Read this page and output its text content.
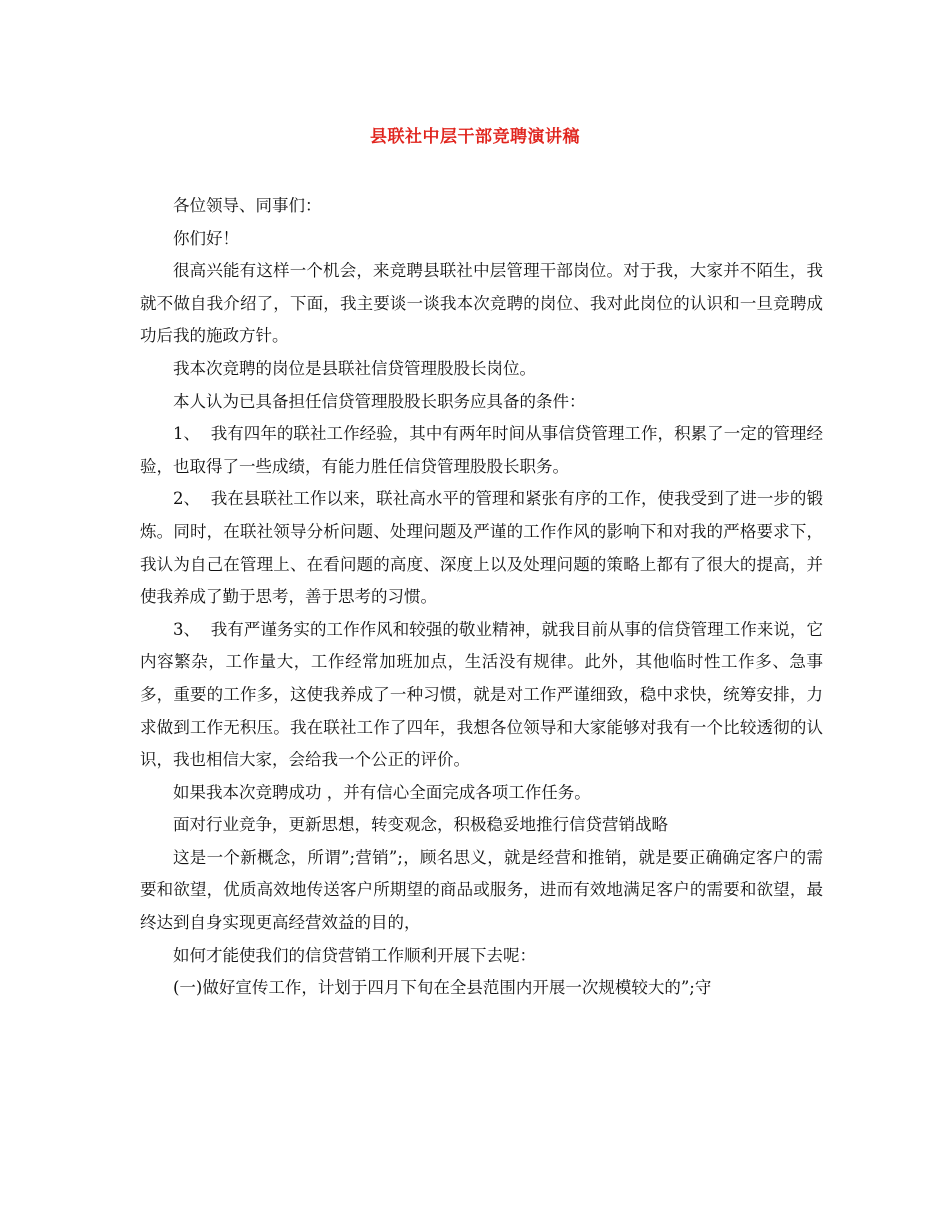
县联社中层干部竞聘演讲稿

各位领导、同事们：

你们好！

很高兴能有这样一个机会，来竞聘县联社中层管理干部岗位。对于我，大家并不陌生，我就不做自我介绍了，下面，我主要谈一谈我本次竞聘的岗位、我对此岗位的认识和一旦竞聘成功后我的施政方针。

我本次竞聘的岗位是县联社信贷管理股股长岗位。

本人认为已具备担任信贷管理股股长职务应具备的条件：

1、  我有四年的联社工作经验，其中有两年时间从事信贷管理工作，积累了一定的管理经验，也取得了一些成绩，有能力胜任信贷管理股股长职务。

2、  我在县联社工作以来，联社高水平的管理和紧张有序的工作，使我受到了进一步的锻炼。同时，在联社领导分析问题、处理问题及严谨的工作作风的影响下和对我的严格要求下，我认为自己在管理上、在看问题的高度、深度上以及处理问题的策略上都有了很大的提高，并使我养成了勤于思考，善于思考的习惯。

3、  我有严谨务实的工作作风和较强的敬业精神，就我目前从事的信贷管理工作来说，它内容繁杂，工作量大，工作经常加班加点，生活没有规律。此外，其他临时性工作多、急事多，重要的工作多，这使我养成了一种习惯，就是对工作严谨细致，稳中求快，统筹安排，力求做到工作无积压。我在联社工作了四年，我想各位领导和大家能够对我有一个比较透彻的认识，我也相信大家，会给我一个公正的评价。

如果我本次竞聘成功 ，并有信心全面完成各项工作任务。

面对行业竞争，更新思想，转变观念，积极稳妥地推行信贷营销战略

这是一个新概念，所谓”;营销”;，顾名思义，就是经营和推销，就是要正确确定客户的需要和欲望，优质高效地传送客户所期望的商品或服务，进而有效地满足客户的需要和欲望，最终达到自身实现更高经营效益的目的，

如何才能使我们的信贷营销工作顺利开展下去呢：

(一)做好宣传工作，计划于四月下旬在全县范围内开展一次规模较大的”;守
